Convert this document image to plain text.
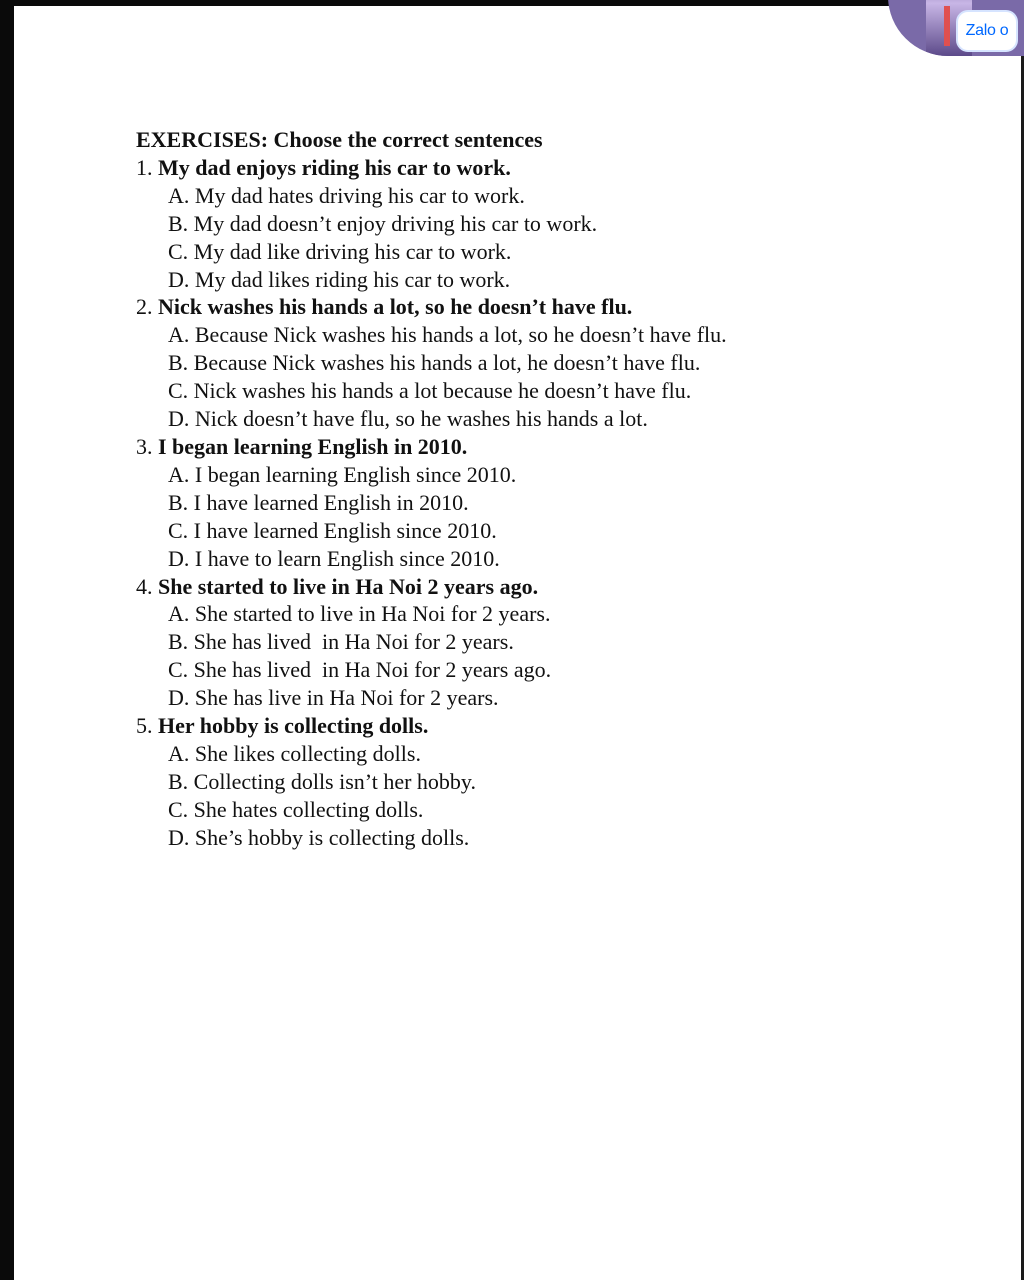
Zalo o
EXERCISES: Choose the correct sentences
1. My dad enjoys riding his car to work.
A. My dad hates driving his car to work.
B. My dad doesn’t enjoy driving his car to work.
C. My dad like driving his car to work.
D. My dad likes riding his car to work.
2. Nick washes his hands a lot, so he doesn’t have flu.
A. Because Nick washes his hands a lot, so he doesn’t have flu.
B. Because Nick washes his hands a lot, he doesn’t have flu.
C. Nick washes his hands a lot because he doesn’t have flu.
D. Nick doesn’t have flu, so he washes his hands a lot.
3. I began learning English in 2010.
A. I began learning English since 2010.
B. I have learned English in 2010.
C. I have learned English since 2010.
D. I have to learn English since 2010.
4. She started to live in Ha Noi 2 years ago.
A. She started to live in Ha Noi for 2 years.
B. She has lived  in Ha Noi for 2 years.
C. She has lived  in Ha Noi for 2 years ago.
D. She has live in Ha Noi for 2 years.
5. Her hobby is collecting dolls.
A. She likes collecting dolls.
B. Collecting dolls isn’t her hobby.
C. She hates collecting dolls.
D. She’s hobby is collecting dolls.
